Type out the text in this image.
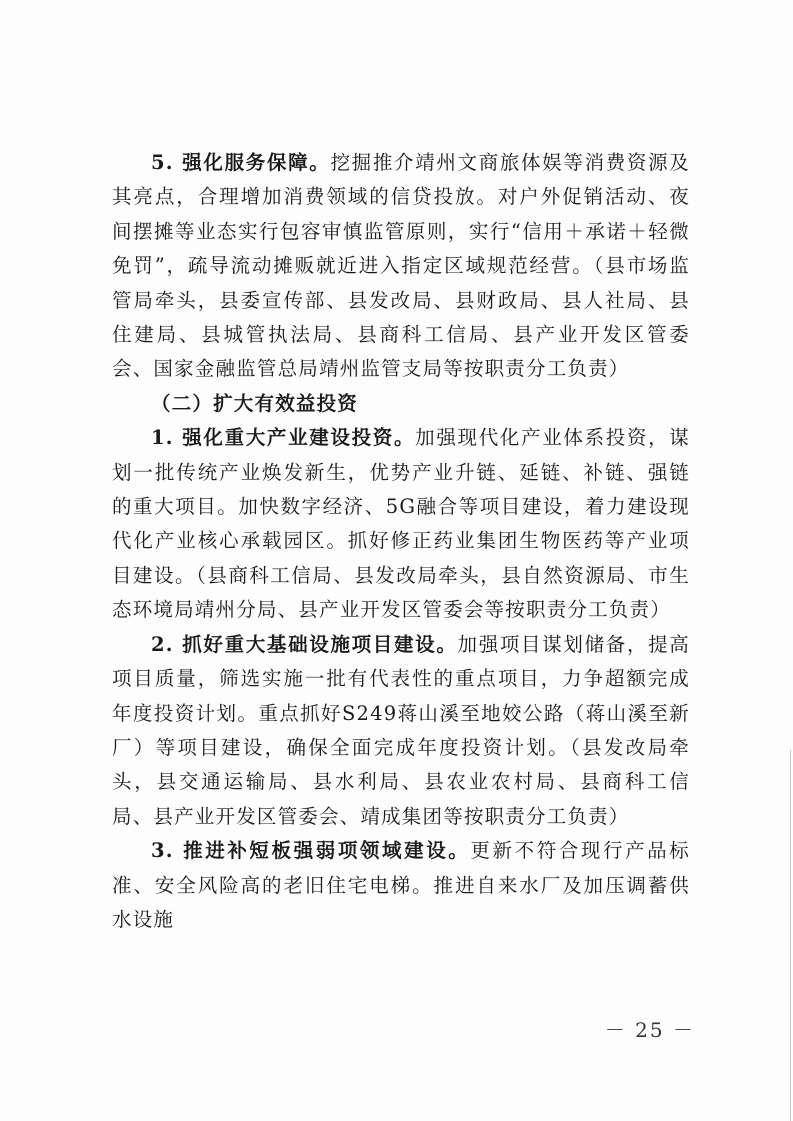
5. 强化服务保障。挖掘推介靖州文商旅体娱等消费资源及其亮点，合理增加消费领域的信贷投放。对户外促销活动、夜间摆摊等业态实行包容审慎监管原则，实行“信用＋承诺＋轻微免罚”，疏导流动摊贩就近进入指定区域规范经营。（县市场监管局牵头，县委宣传部、县发改局、县财政局、县人社局、县住建局、县城管执法局、县商科工信局、县产业开发区管委会、国家金融监管总局靖州监管支局等按职责分工负责）

（二）扩大有效益投资

1. 强化重大产业建设投资。加强现代化产业体系投资，谋划一批传统产业焕发新生，优势产业升链、延链、补链、强链的重大项目。加快数字经济、5G融合等项目建设，着力建设现代化产业核心承载园区。抓好修正药业集团生物医药等产业项目建设。（县商科工信局、县发改局牵头，县自然资源局、市生态环境局靖州分局、县产业开发区管委会等按职责分工负责）

2. 抓好重大基础设施项目建设。加强项目谋划储备，提高项目质量，筛选实施一批有代表性的重点项目，力争超额完成年度投资计划。重点抓好S249蒋山溪至地姣公路（蒋山溪至新厂）等项目建设，确保全面完成年度投资计划。（县发改局牵头，县交通运输局、县水利局、县农业农村局、县商科工信局、县产业开发区管委会、靖成集团等按职责分工负责）

3. 推进补短板强弱项领域建设。更新不符合现行产品标准、安全风险高的老旧住宅电梯。推进自来水厂及加压调蓄供水设施

－ 25 －
